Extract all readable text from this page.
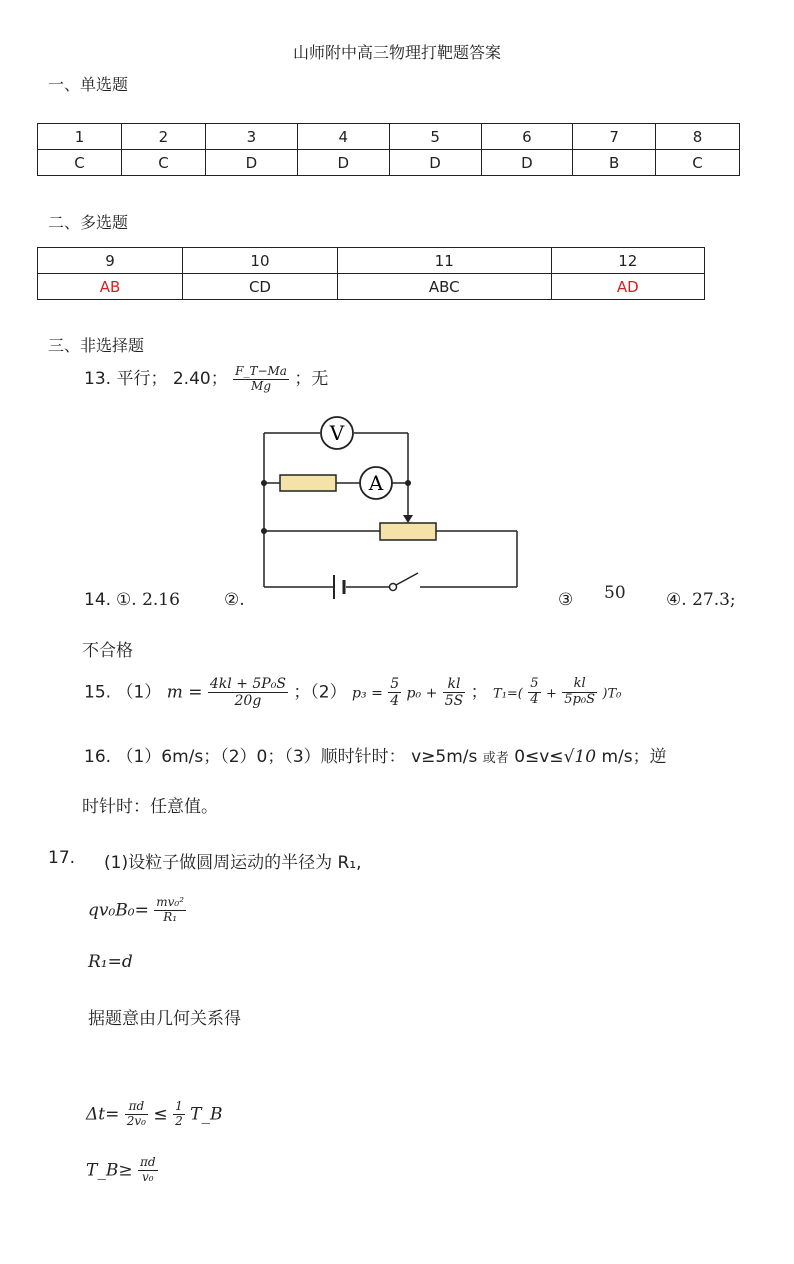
山师附中高三物理打靶题答案
一、单选题
1	2	3	4	5	6	7	8
C	C	D	D	D	D	B	C
二、多选题
9	10	11	12
AB	CD	ABC	AD
三、非选择题
13. 平行； 2.40； $\frac{F\_T-Ma}{Mg}$ ；无
V
A
14. ①. 2.16	②.	③ 50 ④. 27.3;
不合格
15. （1） $m = \frac{\text{4kl + 5P₀S}}{20g}$ ；（2） $p_3 = \frac{5}{4} p_0 + \frac{kl}{5S}$ ； $T_1=( \frac{5}{4} + \frac{kl}{\text{5p₀S}} )T_0$
16. （1）6m/s；（2）0；（3）顺时针时： v≥5m/s 或者 0≤v≤√10 m/s；逆
时针时：任意值。
17. (1)设粒子做圆周运动的半径为 R₁,
$qv_0B_0= \frac{\text{mv₀²}}{\text{R₁}}$
R₁=d
据题意由几何关系得
$\Delta t= \frac{\pi d}{\text{2v₀}} \le \frac{1}{2}$ T_B
T_B≥ $\frac{\pi d}{\text{v₀}}$
